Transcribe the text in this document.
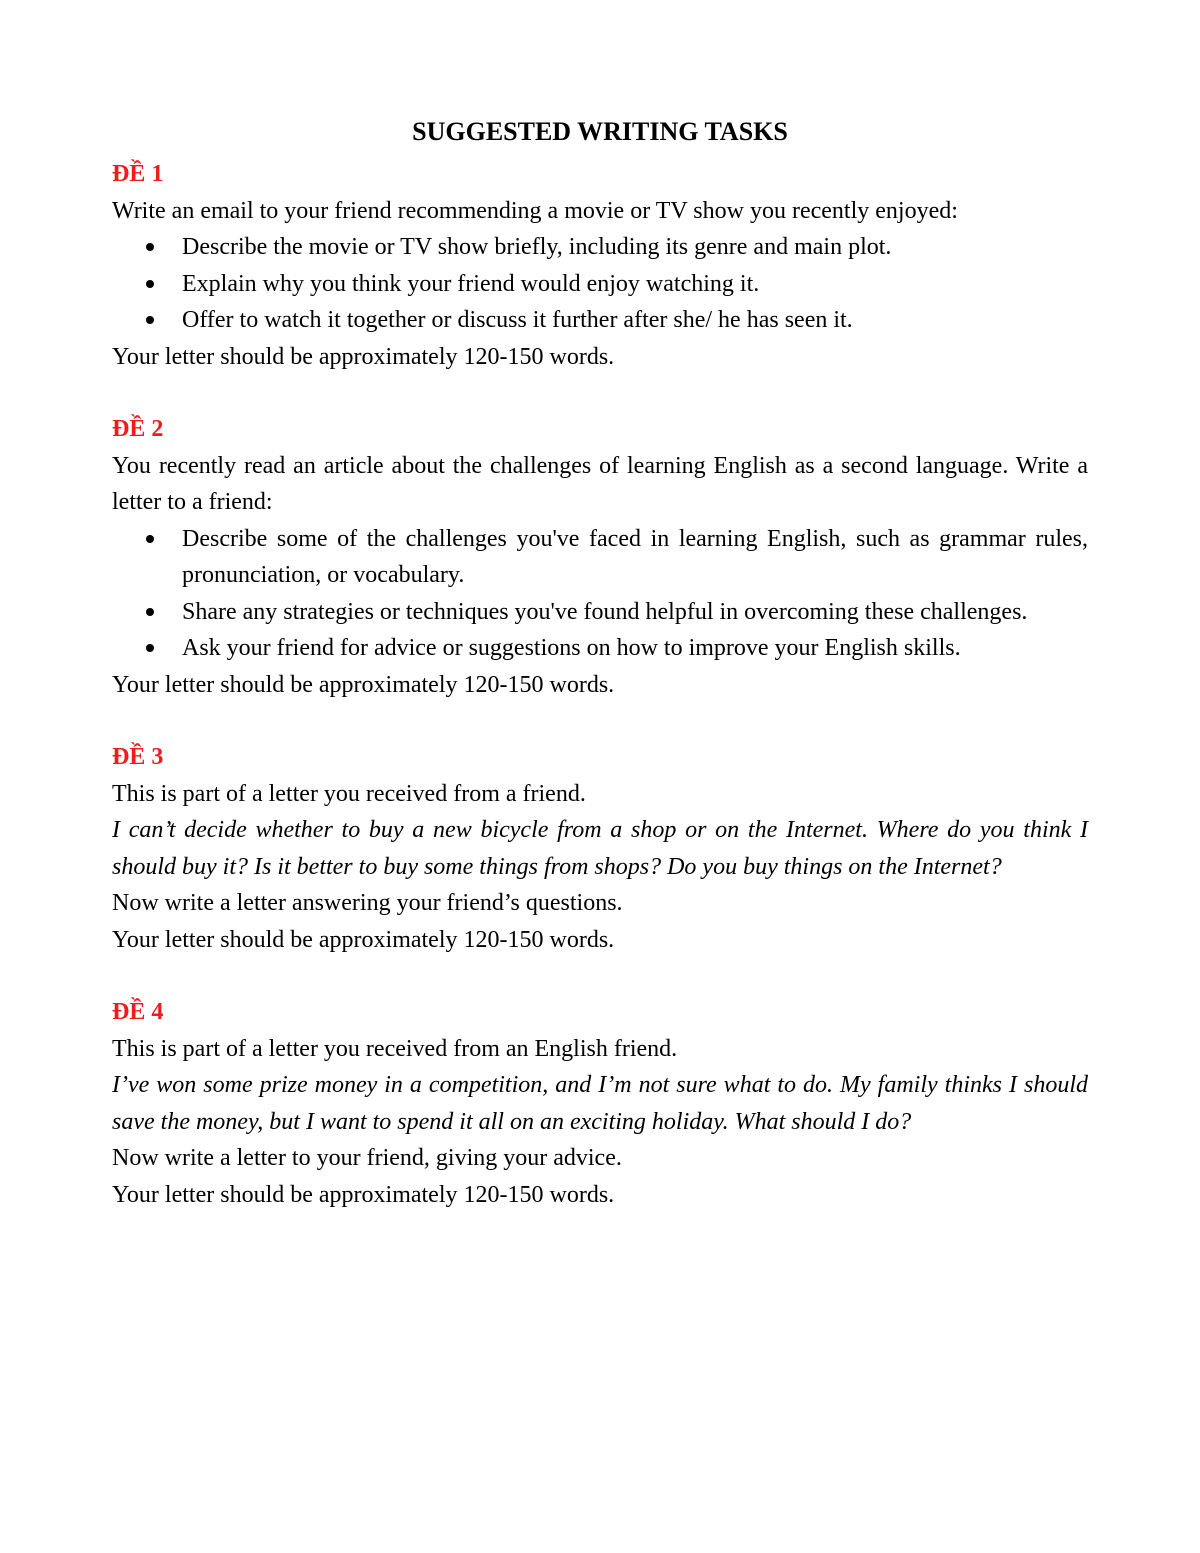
SUGGESTED WRITING TASKS

ĐỀ 1

Write an email to your friend recommending a movie or TV show you recently enjoyed:

Describe the movie or TV show briefly, including its genre and main plot.
Explain why you think your friend would enjoy watching it.
Offer to watch it together or discuss it further after she/ he has seen it.

Your letter should be approximately 120-150 words.

ĐỀ 2

You recently read an article about the challenges of learning English as a second language. Write a letter to a friend:

Describe some of the challenges you've faced in learning English, such as grammar rules, pronunciation, or vocabulary.
Share any strategies or techniques you've found helpful in overcoming these challenges.
Ask your friend for advice or suggestions on how to improve your English skills.

Your letter should be approximately 120-150 words.

ĐỀ 3

This is part of a letter you received from a friend.

I can’t decide whether to buy a new bicycle from a shop or on the Internet. Where do you think I should buy it? Is it better to buy some things from shops? Do you buy things on the Internet?

Now write a letter answering your friend’s questions.

Your letter should be approximately 120-150 words.

ĐỀ 4

This is part of a letter you received from an English friend.

I’ve won some prize money in a competition, and I’m not sure what to do. My family thinks I should save the money, but I want to spend it all on an exciting holiday. What should I do?

Now write a letter to your friend, giving your advice.

Your letter should be approximately 120-150 words.
